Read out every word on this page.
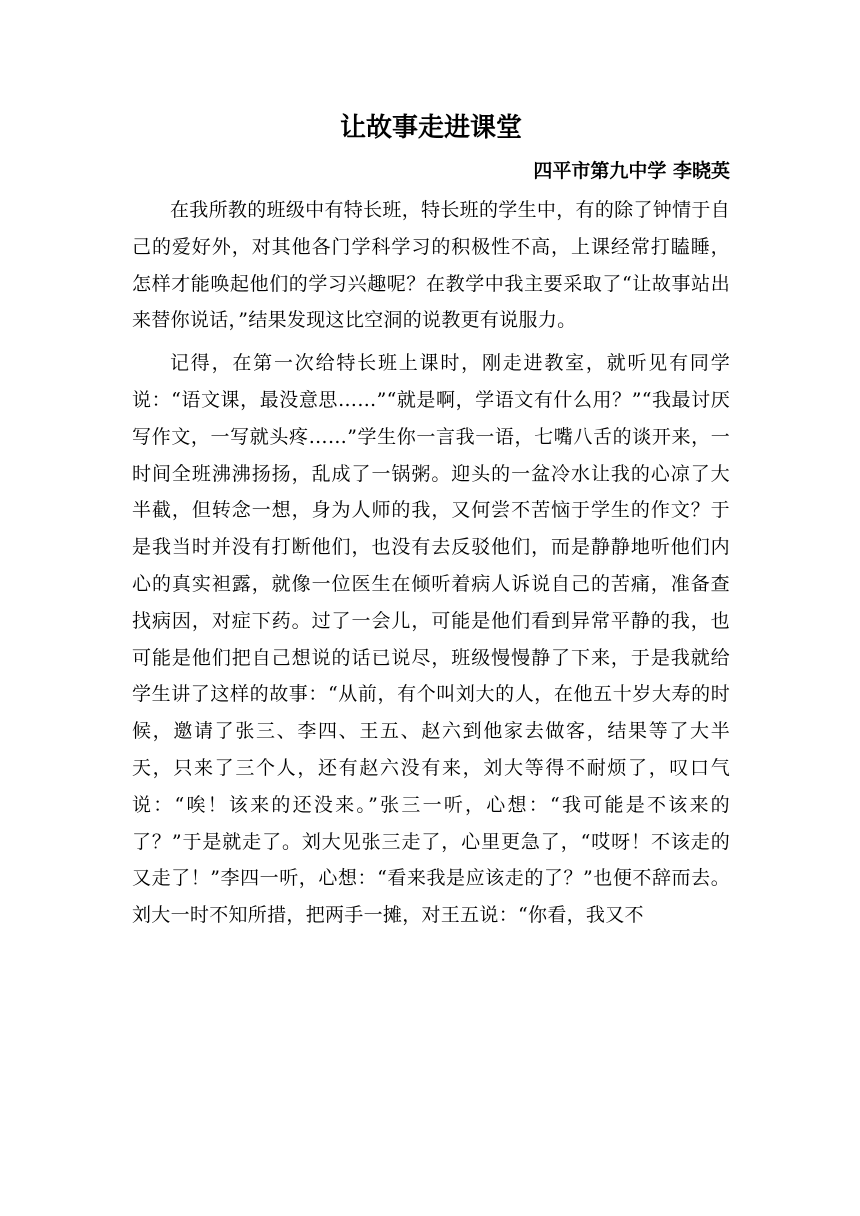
让故事走进课堂
四平市第九中学 李晓英

在我所教的班级中有特长班，特长班的学生中，有的除了钟情于自己的爱好外，对其他各门学科学习的积极性不高，上课经常打瞌睡，怎样才能唤起他们的学习兴趣呢？在教学中我主要采取了“让故事站出来替你说话，”结果发现这比空洞的说教更有说服力。

记得，在第一次给特长班上课时，刚走进教室，就听见有同学说：“语文课，最没意思……”“就是啊，学语文有什么用？”“我最讨厌写作文，一写就头疼……”学生你一言我一语，七嘴八舌的谈开来，一时间全班沸沸扬扬，乱成了一锅粥。迎头的一盆冷水让我的心凉了大半截，但转念一想，身为人师的我，又何尝不苦恼于学生的作文？于是我当时并没有打断他们，也没有去反驳他们，而是静静地听他们内心的真实袒露，就像一位医生在倾听着病人诉说自己的苦痛，准备查找病因，对症下药。过了一会儿，可能是他们看到异常平静的我，也可能是他们把自己想说的话已说尽，班级慢慢静了下来，于是我就给学生讲了这样的故事：“从前，有个叫刘大的人，在他五十岁大寿的时候，邀请了张三、李四、王五、赵六到他家去做客，结果等了大半天，只来了三个人，还有赵六没有来，刘大等得不耐烦了，叹口气说：“唉！该来的还没来。”张三一听，心想：“我可能是不该来的了？”于是就走了。刘大见张三走了，心里更急了，“哎呀！不该走的又走了！”李四一听，心想：“看来我是应该走的了？”也便不辞而去。刘大一时不知所措，把两手一摊，对王五说：“你看，我又不
